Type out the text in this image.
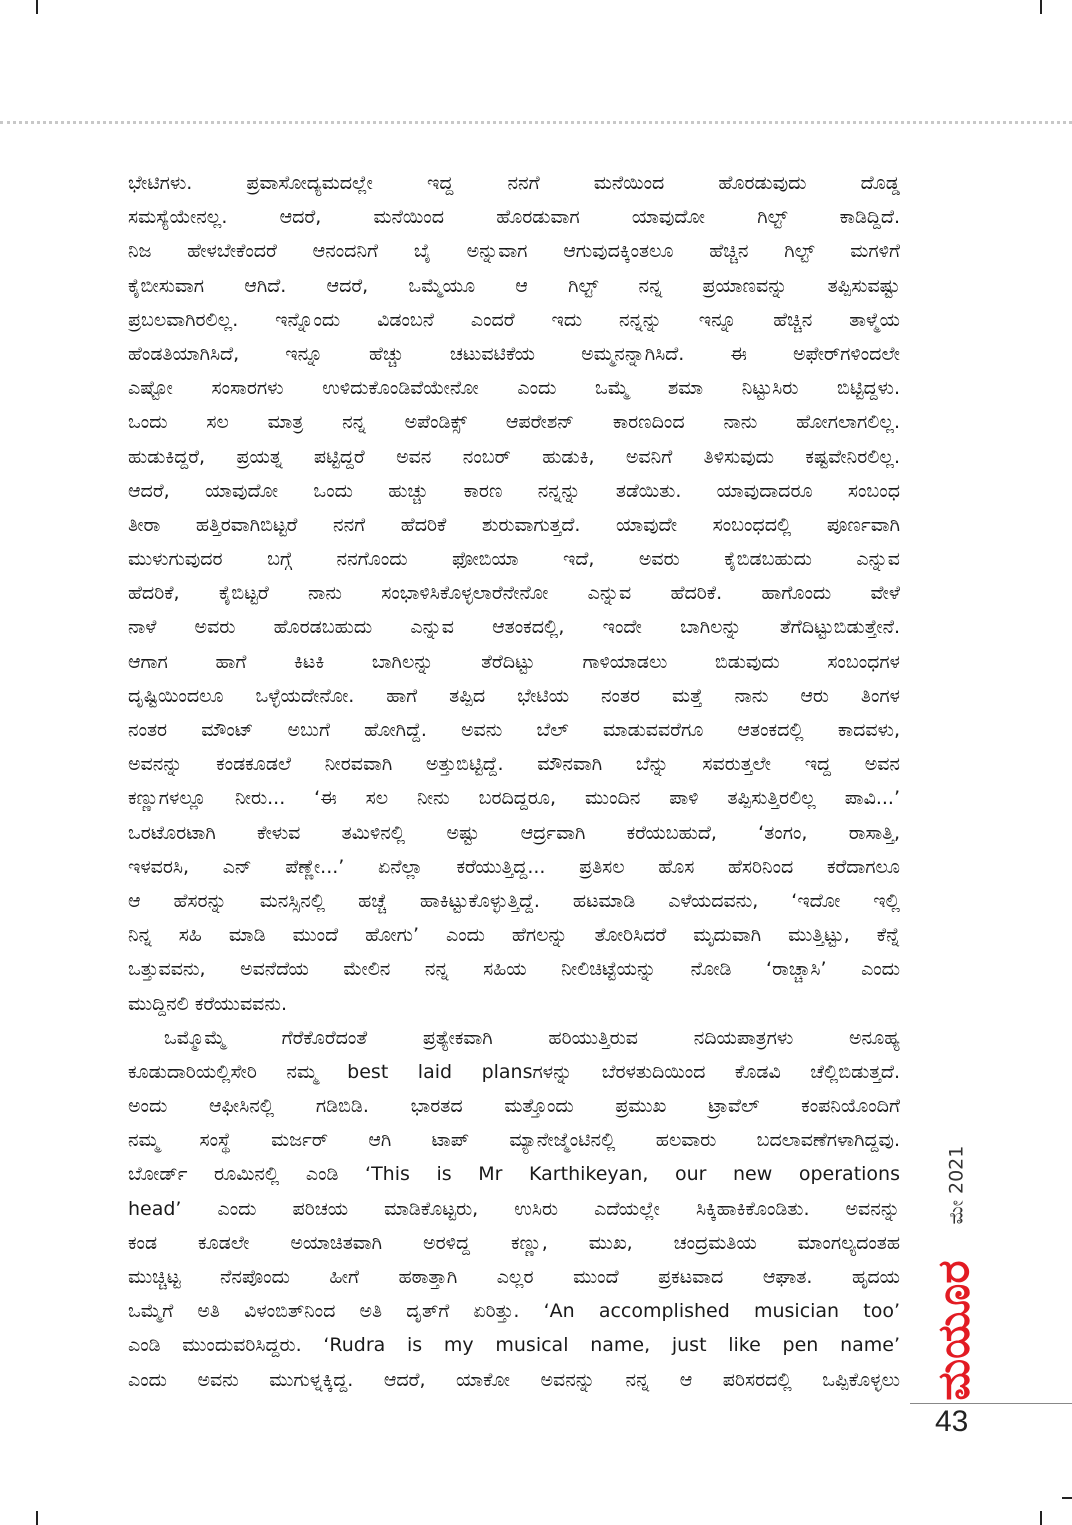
ಭೇಟಿಗಳು. ಪ್ರವಾಸೋದ್ಯಮದಲ್ಲೇ ಇದ್ದ ನನಗೆ ಮನೆಯಿಂದ ಹೊರಡುವುದು ದೊಡ್ಡ
ಸಮಸ್ಯೆಯೇನಲ್ಲ. ಆದರೆ, ಮನೆಯಿಂದ ಹೊರಡುವಾಗ ಯಾವುದೋ ಗಿಲ್ಟ್ ಕಾಡಿದ್ದಿದೆ.
ನಿಜ ಹೇಳಬೇಕೆಂದರೆ ಆನಂದನಿಗೆ ಬೈ ಅನ್ನುವಾಗ ಆಗುವುದಕ್ಕಿಂತಲೂ ಹೆಚ್ಚಿನ ಗಿಲ್ಟ್ ಮಗಳಿಗೆ
ಕೈಬೀಸುವಾಗ ಆಗಿದೆ. ಆದರೆ, ಒಮ್ಮೆಯೂ ಆ ಗಿಲ್ಟ್ ನನ್ನ ಪ್ರಯಾಣವನ್ನು ತಪ್ಪಿಸುವಷ್ಟು
ಪ್ರಬಲವಾಗಿರಲಿಲ್ಲ. ಇನ್ನೊಂದು ವಿಡಂಬನೆ ಎಂದರೆ ಇದು ನನ್ನನ್ನು ಇನ್ನೂ ಹೆಚ್ಚಿನ ತಾಳ್ಮೆಯ
ಹೆಂಡತಿಯಾಗಿಸಿದೆ, ಇನ್ನೂ ಹೆಚ್ಚು ಚಟುವಟಿಕೆಯ ಅಮ್ಮನನ್ನಾಗಿಸಿದೆ. ಈ ಅಫೇರ್‌ಗಳಿಂದಲೇ
ಎಷ್ಟೋ ಸಂಸಾರಗಳು ಉಳಿದುಕೊಂಡಿವೆಯೇನೋ ಎಂದು ಒಮ್ಮೆ ಶಮಾ ನಿಟ್ಟುಸಿರು ಬಿಟ್ಟಿದ್ದಳು.
ಒಂದು ಸಲ ಮಾತ್ರ ನನ್ನ ಅಪೆಂಡಿಕ್ಸ್ ಆಪರೇಶನ್ ಕಾರಣದಿಂದ ನಾನು ಹೋಗಲಾಗಲಿಲ್ಲ.
ಹುಡುಕಿದ್ದರೆ, ಪ್ರಯತ್ನ ಪಟ್ಟಿದ್ದರೆ ಅವನ ನಂಬರ್ ಹುಡುಕಿ, ಅವನಿಗೆ ತಿಳಿಸುವುದು ಕಷ್ಟವೇನಿರಲಿಲ್ಲ.
ಆದರೆ, ಯಾವುದೋ ಒಂದು ಹುಚ್ಚು ಕಾರಣ ನನ್ನನ್ನು ತಡೆಯಿತು. ಯಾವುದಾದರೂ ಸಂಬಂಧ
ತೀರಾ ಹತ್ತಿರವಾಗಿಬಿಟ್ಟರೆ ನನಗೆ ಹೆದರಿಕೆ ಶುರುವಾಗುತ್ತದೆ. ಯಾವುದೇ ಸಂಬಂಧದಲ್ಲಿ ಪೂರ್ಣವಾಗಿ
ಮುಳುಗುವುದರ ಬಗ್ಗೆ ನನಗೊಂದು ಫೋಬಿಯಾ ಇದೆ, ಅವರು ಕೈಬಿಡಬಹುದು ಎನ್ನುವ
ಹೆದರಿಕೆ, ಕೈಬಿಟ್ಟರೆ ನಾನು ಸಂಭಾಳಿಸಿಕೊಳ್ಳಲಾರೆನೇನೋ ಎನ್ನುವ ಹೆದರಿಕೆ. ಹಾಗೊಂದು ವೇಳೆ
ನಾಳೆ ಅವರು ಹೊರಡಬಹುದು ಎನ್ನುವ ಆತಂಕದಲ್ಲಿ, ಇಂದೇ ಬಾಗಿಲನ್ನು ತೆಗೆದಿಟ್ಟುಬಿಡುತ್ತೇನೆ.
ಆಗಾಗ ಹಾಗೆ ಕಿಟಕಿ ಬಾಗಿಲನ್ನು ತೆರೆದಿಟ್ಟು ಗಾಳಿಯಾಡಲು ಬಿಡುವುದು ಸಂಬಂಧಗಳ
ದೃಷ್ಟಿಯಿಂದಲೂ ಒಳ್ಳೆಯದೇನೋ. ಹಾಗೆ ತಪ್ಪಿದ ಭೇಟಿಯ ನಂತರ ಮತ್ತೆ ನಾನು ಆರು ತಿಂಗಳ
ನಂತರ ಮೌಂಟ್ ಅಬುಗೆ ಹೋಗಿದ್ದೆ. ಅವನು ಬೆಲ್ ಮಾಡುವವರೆಗೂ ಆತಂಕದಲ್ಲಿ ಕಾದವಳು,
ಅವನನ್ನು ಕಂಡಕೂಡಲೆ ನೀರವವಾಗಿ ಅತ್ತುಬಿಟ್ಟಿದ್ದೆ. ಮೌನವಾಗಿ ಬೆನ್ನು ಸವರುತ್ತಲೇ ಇದ್ದ ಅವನ
ಕಣ್ಣುಗಳಲ್ಲೂ ನೀರು... ‘ಈ ಸಲ ನೀನು ಬರದಿದ್ದರೂ, ಮುಂದಿನ ಪಾಳಿ ತಪ್ಪಿಸುತ್ತಿರಲಿಲ್ಲ ಪಾವಿ...’
ಒರಟೊರಟಾಗಿ ಕೇಳುವ ತಮಿಳಿನಲ್ಲಿ ಅಷ್ಟು ಆರ್ದ್ರವಾಗಿ ಕರೆಯಬಹುದೆ, ‘ತಂಗಂ, ರಾಸಾತ್ತಿ,
ಇಳವರಸಿ, ಎನ್ ಪೆಣ್ಣೇ...’ ಏನೆಲ್ಲಾ ಕರೆಯುತ್ತಿದ್ದ... ಪ್ರತಿಸಲ ಹೊಸ ಹೆಸರಿನಿಂದ ಕರೆದಾಗಲೂ
ಆ ಹೆಸರನ್ನು ಮನಸ್ಸಿನಲ್ಲಿ ಹಚ್ಚೆ ಹಾಕಿಟ್ಟುಕೊಳ್ಳುತ್ತಿದ್ದೆ. ಹಟಮಾಡಿ ಎಳೆಯದವನು, ‘ಇದೋ ಇಲ್ಲಿ
ನಿನ್ನ ಸಹಿ ಮಾಡಿ ಮುಂದೆ ಹೋಗು’ ಎಂದು ಹೆಗಲನ್ನು ತೋರಿಸಿದರೆ ಮೃದುವಾಗಿ ಮುತ್ತಿಟ್ಟು, ಕೆನ್ನೆ
ಒತ್ತುವವನು, ಅವನೆದೆಯ ಮೇಲಿನ ನನ್ನ ಸಹಿಯ ನೀಲಿಚಿಟ್ಟೆಯನ್ನು ನೋಡಿ ‘ರಾಚ್ಚಾಸಿ’ ಎಂದು
ಮುದ್ದಿನಲಿ ಕರೆಯುವವನು.
ಒಮ್ಮೊಮ್ಮೆ ಗೆರೆಕೊರೆದಂತೆ ಪ್ರತ್ಯೇಕವಾಗಿ ಹರಿಯುತ್ತಿರುವ ನದಿಯಪಾತ್ರಗಳು ಅನೂಹ್ಯ
ಕೂಡುದಾರಿಯಲ್ಲಿಸೇರಿ ನಮ್ಮ best laid plansಗಳನ್ನು ಬೆರಳತುದಿಯಿಂದ ಕೊಡವಿ ಚೆಲ್ಲಿಬಿಡುತ್ತದೆ.
ಅಂದು ಆಫೀಸಿನಲ್ಲಿ ಗಡಿಬಿಡಿ. ಭಾರತದ ಮತ್ತೊಂದು ಪ್ರಮುಖ ಟ್ರಾವೆಲ್ ಕಂಪನಿಯೊಂದಿಗೆ
ನಮ್ಮ ಸಂಸ್ಥೆ ಮರ್ಜರ್ ಆಗಿ ಟಾಪ್ ಮ್ಯಾನೇಜ್ಮೆಂಟಿನಲ್ಲಿ ಹಲವಾರು ಬದಲಾವಣೆಗಳಾಗಿದ್ದವು.
ಬೋರ್ಡ್ ರೂಮಿನಲ್ಲಿ ಎಂಡಿ ‘This is Mr Karthikeyan, our new operations
head’ ಎಂದು ಪರಿಚಯ ಮಾಡಿಕೊಟ್ಟರು, ಉಸಿರು ಎದೆಯಲ್ಲೇ ಸಿಕ್ಕಿಹಾಕಿಕೊಂಡಿತು. ಅವನನ್ನು
ಕಂಡ ಕೂಡಲೇ ಅಯಾಚಿತವಾಗಿ ಅರಳಿದ್ದ ಕಣ್ಣು, ಮುಖ, ಚಂದ್ರಮತಿಯ ಮಾಂಗಲ್ಯದಂತಹ
ಮುಚ್ಚಿಟ್ಟ ನೆನಪೊಂದು ಹೀಗೆ ಹಠಾತ್ತಾಗಿ ಎಲ್ಲರ ಮುಂದೆ ಪ್ರಕಟವಾದ ಆಘಾತ. ಹೃದಯ
ಒಮ್ಮೆಗೆ ಅತಿ ವಿಳಂಬಿತ್‌ನಿಂದ ಅತಿ ದೃತ್‌ಗೆ ಏರಿತ್ತು. ‘An accomplished musician too’
ಎಂಡಿ ಮುಂದುವರಿಸಿದ್ದರು. ‘Rudra is my musical name, just like pen name’
ಎಂದು ಅವನು ಮುಗುಳ್ನಕ್ಕಿದ್ದ. ಆದರೆ, ಯಾಕೋ ಅವನನ್ನು ನನ್ನ ಆ ಪರಿಸರದಲ್ಲಿ ಒಪ್ಪಿಕೊಳ್ಳಲು
ಮೇ 2021
ಮಯೂರ
43
